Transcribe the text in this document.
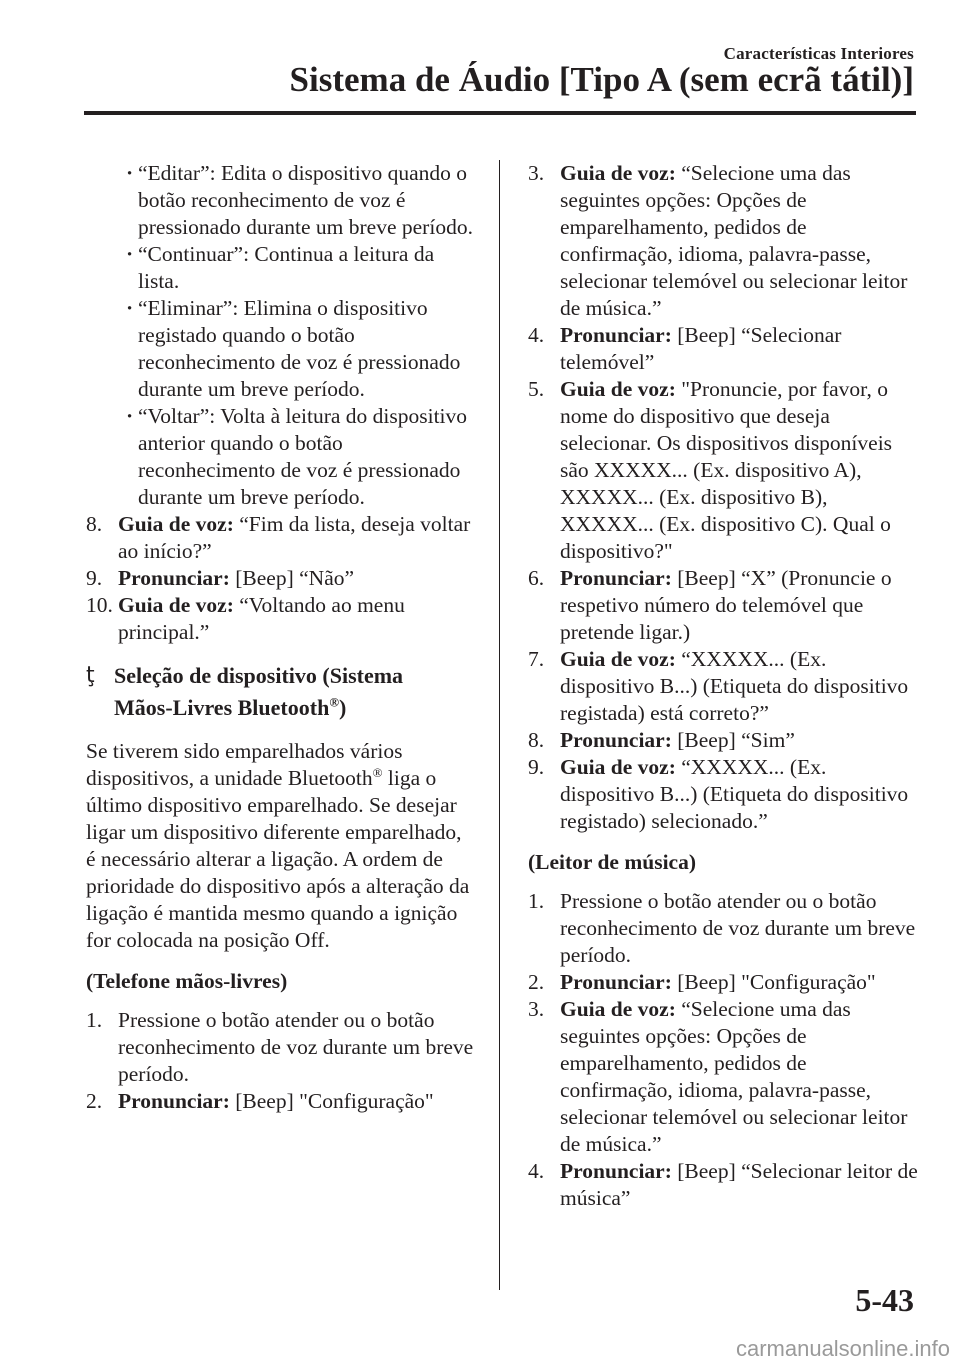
Características Interiores
Sistema de Áudio [Tipo A (sem ecrã tátil)]
· “Editar”: Edita o dispositivo quando o botão reconhecimento de voz é pressionado durante um breve período.
· “Continuar”: Continua a leitura da lista.
· “Eliminar”: Elimina o dispositivo registado quando o botão reconhecimento de voz é pressionado durante um breve período.
· “Voltar”: Volta à leitura do dispositivo anterior quando o botão reconhecimento de voz é pressionado durante um breve período.
8. Guia de voz: “Fim da lista, deseja voltar ao início?”
9. Pronunciar: [Beep] “Não”
10. Guia de voz: “Voltando ao menu principal.”
ţ Seleção de dispositivo (Sistema
Mãos-Livres Bluetooth®)
Se tiverem sido emparelhados vários dispositivos, a unidade Bluetooth® liga o último dispositivo emparelhado. Se desejar ligar um dispositivo diferente emparelhado, é necessário alterar a ligação. A ordem de prioridade do dispositivo após a alteração da ligação é mantida mesmo quando a ignição for colocada na posição Off.
(Telefone mãos-livres)
1. Pressione o botão atender ou o botão reconhecimento de voz durante um breve período.
2. Pronunciar: [Beep] "Configuração"
3. Guia de voz: “Selecione uma das seguintes opções: Opções de emparelhamento, pedidos de confirmação, idioma, palavra-passe, selecionar telemóvel ou selecionar leitor de música.”
4. Pronunciar: [Beep] “Selecionar telemóvel”
5. Guia de voz: "Pronuncie, por favor, o nome do dispositivo que deseja selecionar. Os dispositivos disponíveis são XXXXX... (Ex. dispositivo A), XXXXX... (Ex. dispositivo B), XXXXX... (Ex. dispositivo C). Qual o dispositivo?"
6. Pronunciar: [Beep] “X” (Pronuncie o respetivo número do telemóvel que pretende ligar.)
7. Guia de voz: “XXXXX... (Ex. dispositivo B...) (Etiqueta do dispositivo registada) está correto?”
8. Pronunciar: [Beep] “Sim”
9. Guia de voz: “XXXXX... (Ex. dispositivo B...) (Etiqueta do dispositivo registado) selecionado.”
(Leitor de música)
1. Pressione o botão atender ou o botão reconhecimento de voz durante um breve período.
2. Pronunciar: [Beep] "Configuração"
3. Guia de voz: “Selecione uma das seguintes opções: Opções de emparelhamento, pedidos de confirmação, idioma, palavra-passe, selecionar telemóvel ou selecionar leitor de música.”
4. Pronunciar: [Beep] “Selecionar leitor de música”
5-43
carmanualsonline.info
